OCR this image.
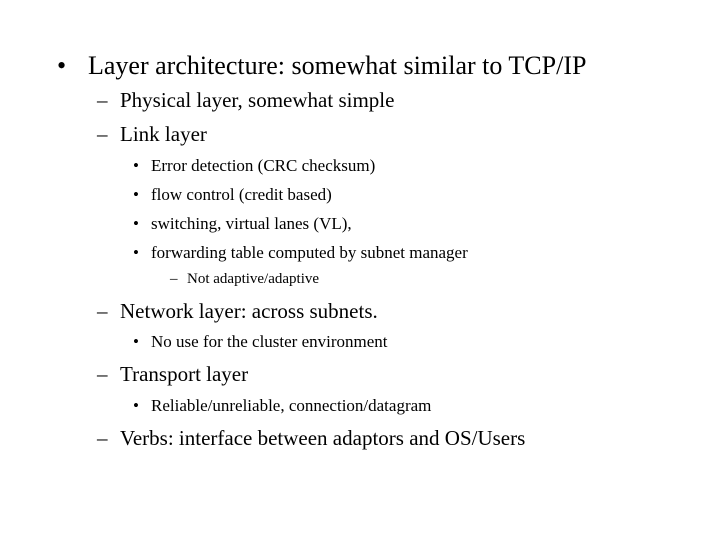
• Layer architecture: somewhat similar to TCP/IP
– Physical layer, somewhat simple
– Link layer
• Error detection (CRC checksum)
• flow control (credit based)
• switching, virtual lanes (VL),
• forwarding table computed by subnet manager
– Not adaptive/adaptive
– Network layer: across subnets.
• No use for the cluster environment
– Transport layer
• Reliable/unreliable, connection/datagram
– Verbs: interface between adaptors and OS/Users
